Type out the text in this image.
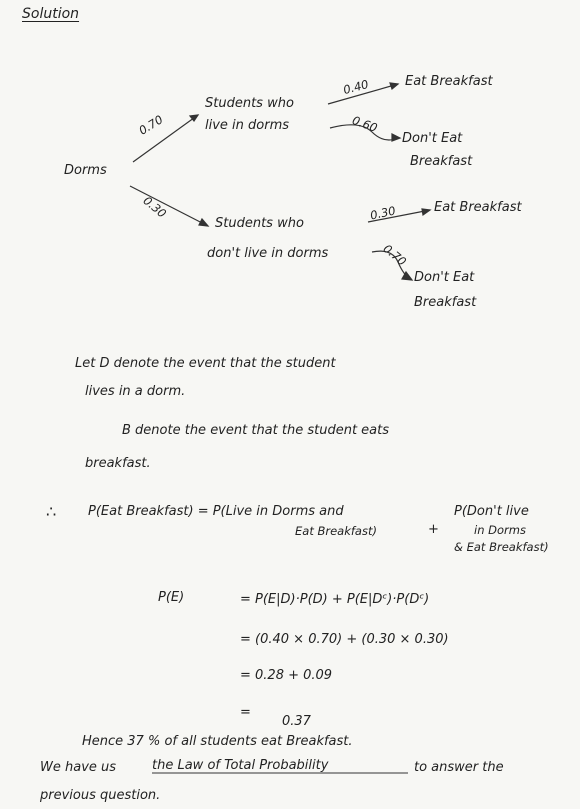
Solution
Dorms
0.70
0.30
Students who
live in dorms
Students who
don't live in dorms
0.40	Eat Breakfast
0.60
Don't Eat
Breakfast
0.30	Eat Breakfast
0.70
Don't Eat
Breakfast
Let D denote the event that the student
lives in a dorm.
B denote the event that the student eats
breakfast.
∴ P(Eat Breakfast) = P(Live in Dorms and
Eat Breakfast)	+
P(Don't live
in Dorms
& Eat Breakfast)
P(E)	= P(E|D)·P(D) + P(E|Dᶜ)·P(Dᶜ)
= (0.40 × 0.70) + (0.30 × 0.30)
= 0.28 + 0.09
=
0.37
Hence 37 % of all students eat Breakfast.
We have us	the Law of Total Probability	to answer the
previous question.
